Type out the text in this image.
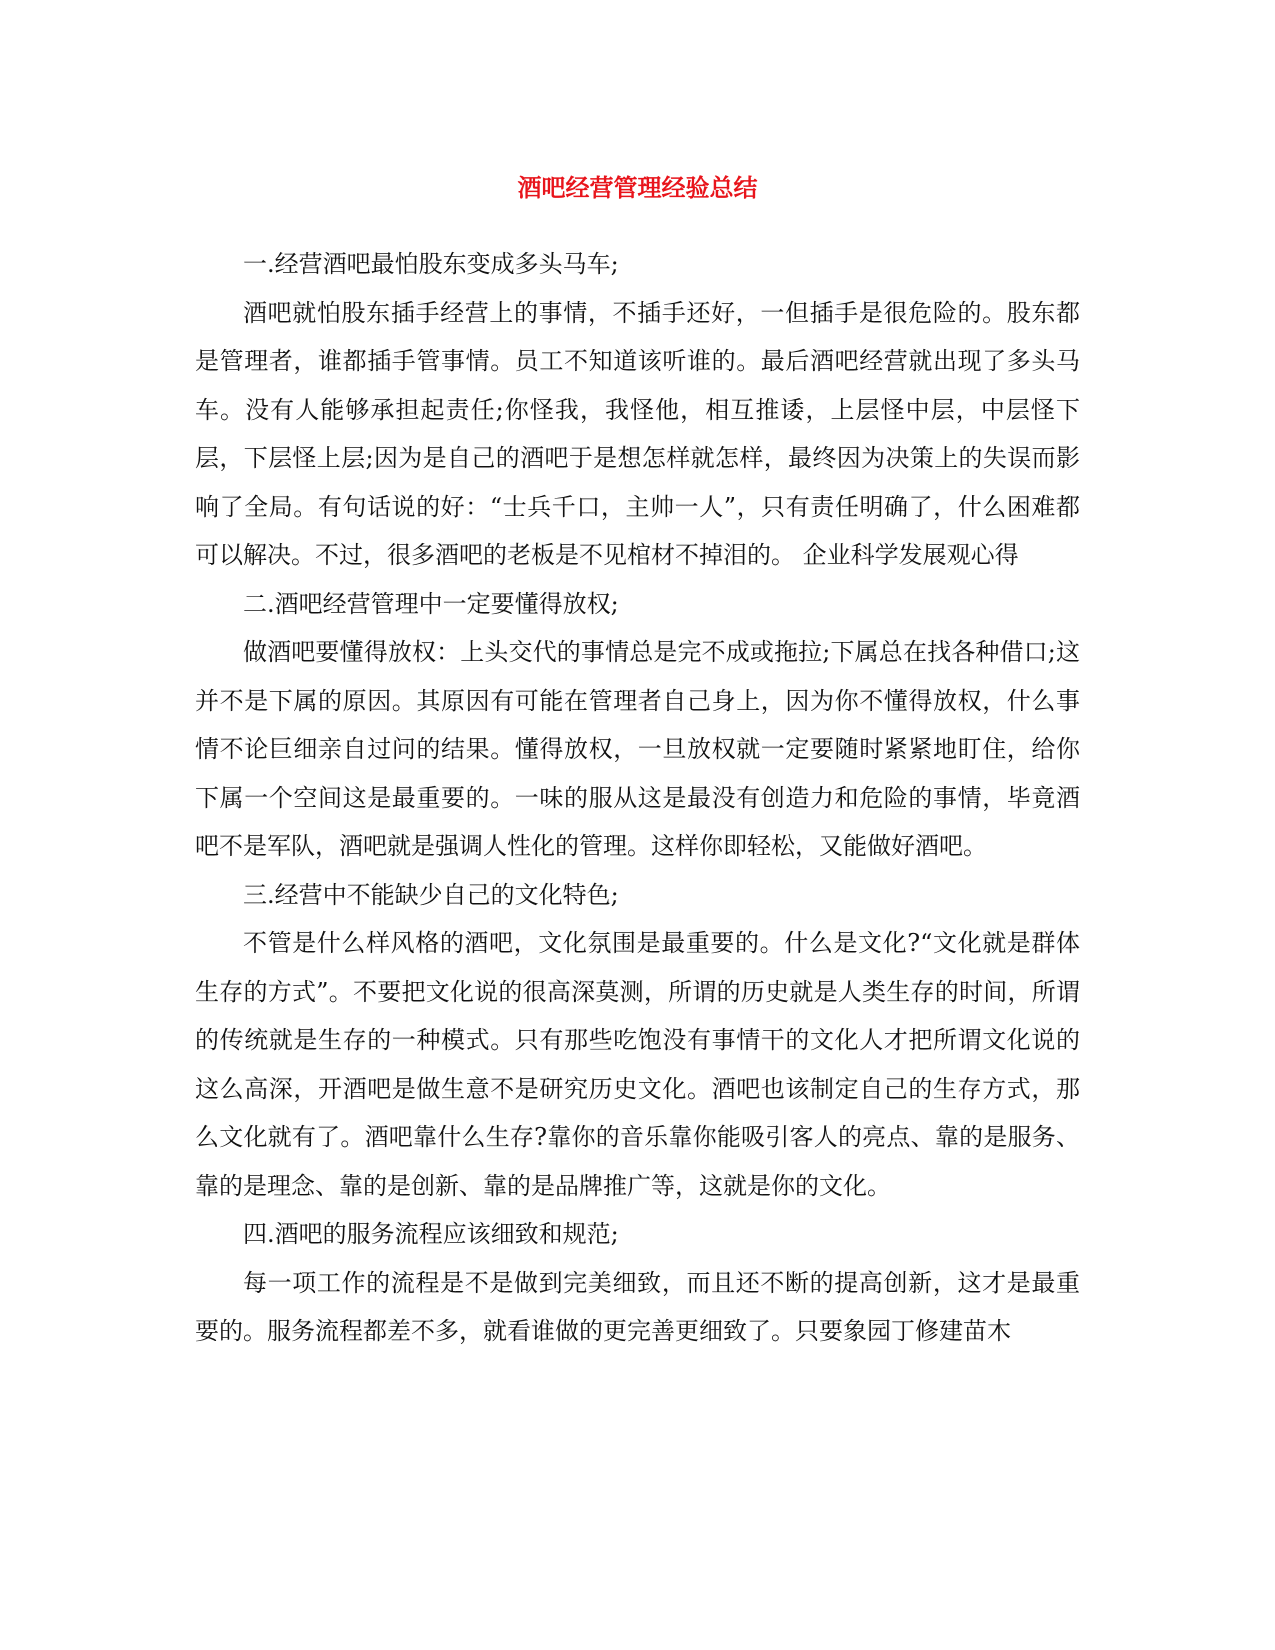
酒吧经营管理经验总结

一.经营酒吧最怕股东变成多头马车;

酒吧就怕股东插手经营上的事情，不插手还好，一但插手是很危险的。股东都是管理者，谁都插手管事情。员工不知道该听谁的。最后酒吧经营就出现了多头马车。没有人能够承担起责任;你怪我，我怪他，相互推诿，上层怪中层，中层怪下层，下层怪上层;因为是自己的酒吧于是想怎样就怎样，最终因为决策上的失误而影响了全局。有句话说的好：“士兵千口，主帅一人”，只有责任明确了，什么困难都可以解决。不过，很多酒吧的老板是不见棺材不掉泪的。 企业科学发展观心得

二.酒吧经营管理中一定要懂得放权;

做酒吧要懂得放权：上头交代的事情总是完不成或拖拉;下属总在找各种借口;这并不是下属的原因。其原因有可能在管理者自己身上，因为你不懂得放权，什么事情不论巨细亲自过问的结果。懂得放权，一旦放权就一定要随时紧紧地盯住，给你下属一个空间这是最重要的。一味的服从这是最没有创造力和危险的事情，毕竟酒吧不是军队，酒吧就是强调人性化的管理。这样你即轻松，又能做好酒吧。

三.经营中不能缺少自己的文化特色;

不管是什么样风格的酒吧，文化氛围是最重要的。什么是文化?“文化就是群体生存的方式”。不要把文化说的很高深莫测，所谓的历史就是人类生存的时间，所谓的传统就是生存的一种模式。只有那些吃饱没有事情干的文化人才把所谓文化说的这么高深，开酒吧是做生意不是研究历史文化。酒吧也该制定自己的生存方式，那么文化就有了。酒吧靠什么生存?靠你的音乐靠你能吸引客人的亮点、靠的是服务、靠的是理念、靠的是创新、靠的是品牌推广等，这就是你的文化。

四.酒吧的服务流程应该细致和规范;

每一项工作的流程是不是做到完美细致，而且还不断的提高创新，这才是最重要的。服务流程都差不多，就看谁做的更完善更细致了。只要象园丁修建苗木
